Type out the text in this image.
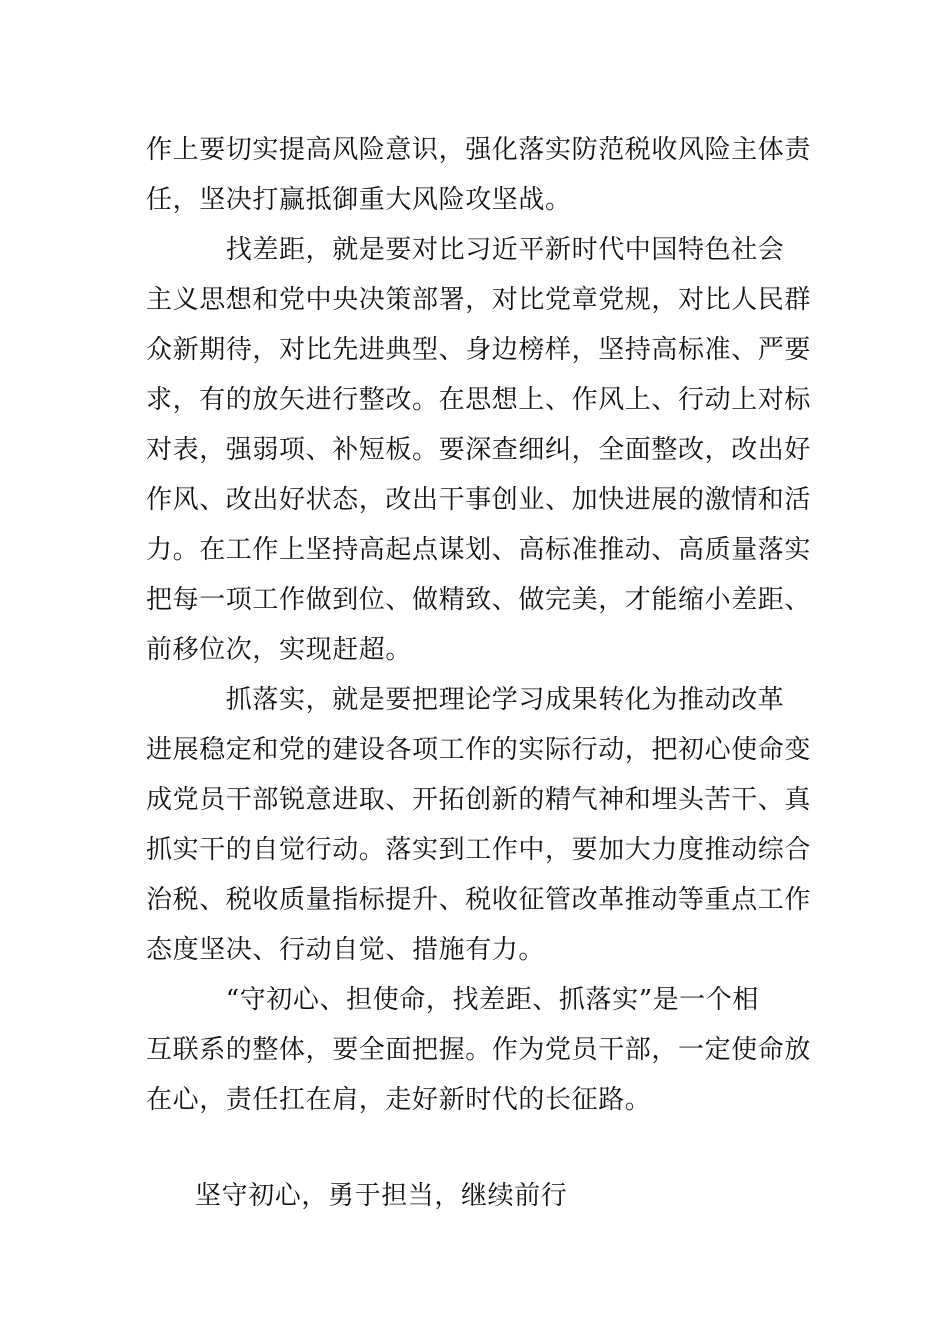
作上要切实提高风险意识，强化落实防范税收风险主体责
任，坚决打赢抵御重大风险攻坚战。
　　　找差距，就是要对比习近平新时代中国特色社会
主义思想和党中央决策部署，对比党章党规，对比人民群
众新期待，对比先进典型、身边榜样，坚持高标准、严要
求，有的放矢进行整改。在思想上、作风上、行动上对标
对表，强弱项、补短板。要深查细纠，全面整改，改出好
作风、改出好状态，改出干事创业、加快进展的激情和活
力。在工作上坚持高起点谋划、高标准推动、高质量落实
把每一项工作做到位、做精致、做完美，才能缩小差距、
前移位次，实现赶超。
　　　抓落实，就是要把理论学习成果转化为推动改革
进展稳定和党的建设各项工作的实际行动，把初心使命变
成党员干部锐意进取、开拓创新的精气神和埋头苦干、真
抓实干的自觉行动。落实到工作中，要加大力度推动综合
治税、税收质量指标提升、税收征管改革推动等重点工作
态度坚决、行动自觉、措施有力。
　　　“守初心、担使命，找差距、抓落实”是一个相
互联系的整体，要全面把握。作为党员干部，一定使命放
在心，责任扛在肩，走好新时代的长征路。
坚守初心，勇于担当，继续前行
